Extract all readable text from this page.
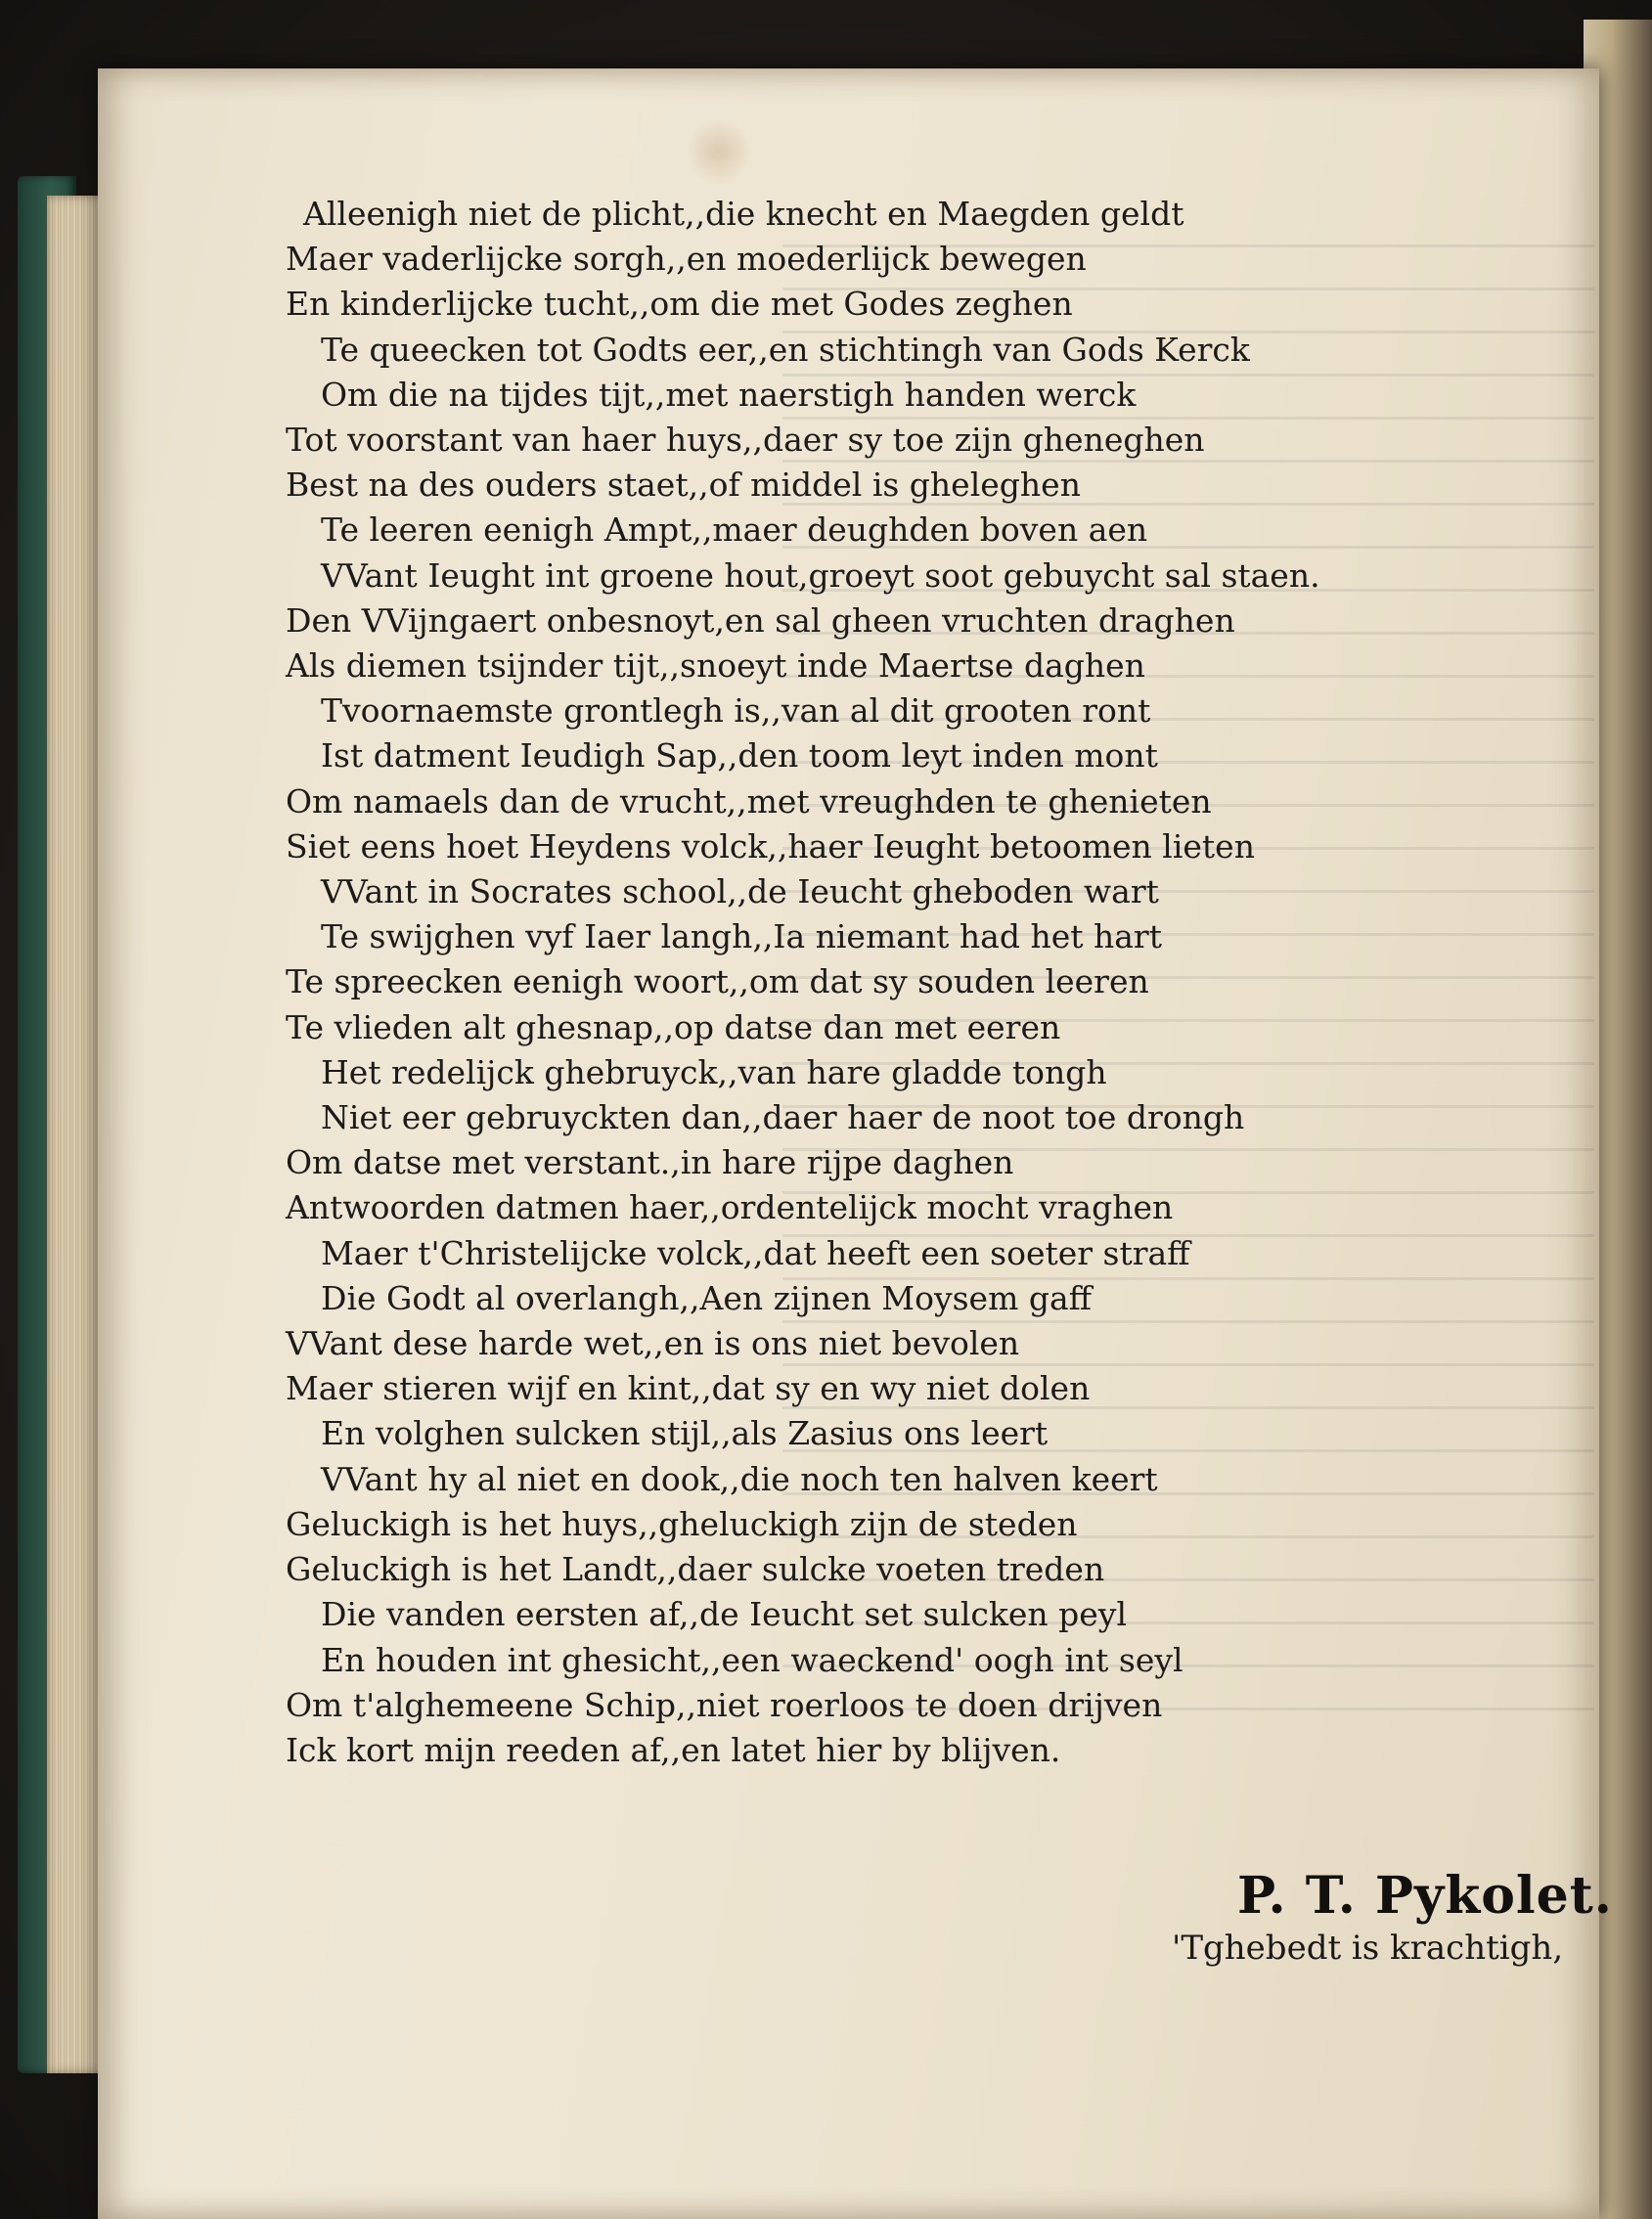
Alleenigh niet de plicht,,die knecht en Maegden geldt

Maer vaderlijcke sorgh,,en moederlijck bewegen

En kinderlijcke tucht,,om die met Godes zeghen

Te queecken tot Godts eer,,en stichtingh van Gods Kerck

Om die na tijdes tijt,,met naerstigh handen werck

Tot voorstant van haer huys,,daer sy toe zijn gheneghen

Best na des ouders staet,,of middel is gheleghen

Te leeren eenigh Ampt,,maer deughden boven aen

VVant Ieught int groene hout,groeyt soot gebuycht sal staen.

Den VVijngaert onbesnoyt,en sal gheen vruchten draghen

Als diemen tsijnder tijt,,snoeyt inde Maertse daghen

Tvoornaemste grontlegh is,,van al dit grooten ront

Ist datment Ieudigh Sap,,den toom leyt inden mont

Om namaels dan de vrucht,,met vreughden te ghenieten

Siet eens hoet Heydens volck,,haer Ieught betoomen lieten

VVant in Socrates school,,de Ieucht gheboden wart

Te swijghen vyf Iaer langh,,Ia niemant had het hart

Te spreecken eenigh woort,,om dat sy souden leeren

Te vlieden alt ghesnap,,op datse dan met eeren

Het redelijck ghebruyck,,van hare gladde tongh

Niet eer gebruyckten dan,,daer haer de noot toe drongh

Om datse met verstant.,in hare rijpe daghen

Antwoorden datmen haer,,ordentelijck mocht vraghen

Maer t'Christelijcke volck,,dat heeft een soeter straff

Die Godt al overlangh,,Aen zijnen Moysem gaff

VVant dese harde wet,,en is ons niet bevolen

Maer stieren wijf en kint,,dat sy en wy niet dolen

En volghen sulcken stijl,,als Zasius ons leert

VVant hy al niet en dook,,die noch ten halven keert

Geluckigh is het huys,,gheluckigh zijn de steden

Geluckigh is het Landt,,daer sulcke voeten treden

Die vanden eersten af,,de Ieucht set sulcken peyl

En houden int ghesicht,,een waeckend' oogh int seyl

Om t'alghemeene Schip,,niet roerloos te doen drijven

Ick kort mijn reeden af,,en latet hier by blijven.

P. T. Pykolet.
'Tghebedt is krachtigh,
